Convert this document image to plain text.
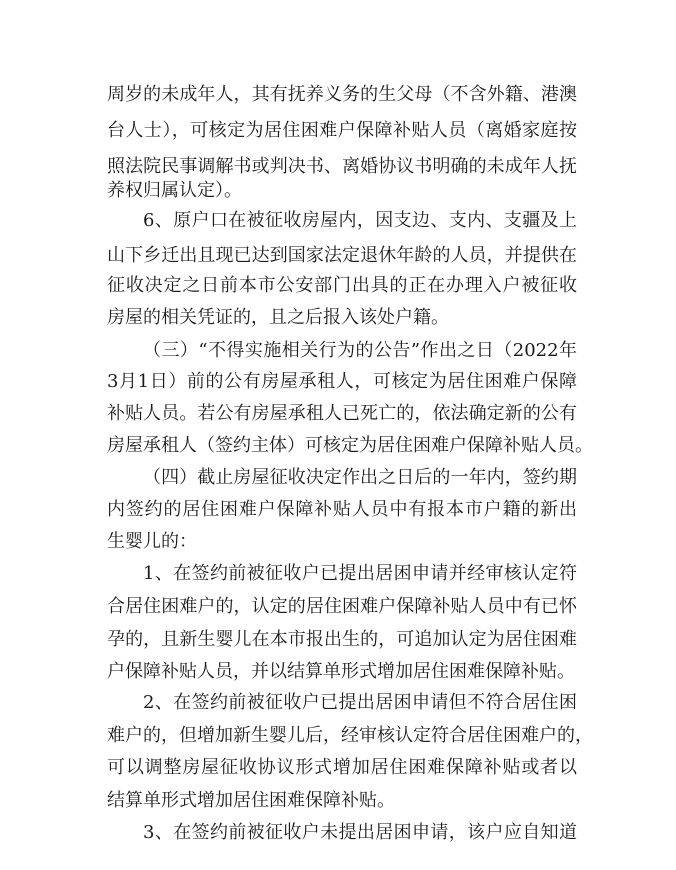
周岁的未成年人，其有抚养义务的生父母（不含外籍、港澳
台人士），可核定为居住困难户保障补贴人员（离婚家庭按
照法院民事调解书或判决书、离婚协议书明确的未成年人抚
养权归属认定）。
6、原户口在被征收房屋内，因支边、支内、支疆及上
山下乡迁出且现已达到国家法定退休年龄的人员，并提供在
征收决定之日前本市公安部门出具的正在办理入户被征收
房屋的相关凭证的，且之后报入该处户籍。
（三）“不得实施相关行为的公告”作出之日（2022年
3月1日）前的公有房屋承租人，可核定为居住困难户保障
补贴人员。若公有房屋承租人已死亡的，依法确定新的公有
房屋承租人（签约主体）可核定为居住困难户保障补贴人员。
（四）截止房屋征收决定作出之日后的一年内，签约期
内签约的居住困难户保障补贴人员中有报本市户籍的新出
生婴儿的：
1、在签约前被征收户已提出居困申请并经审核认定符
合居住困难户的，认定的居住困难户保障补贴人员中有已怀
孕的，且新生婴儿在本市报出生的，可追加认定为居住困难
户保障补贴人员，并以结算单形式增加居住困难保障补贴。
2、在签约前被征收户已提出居困申请但不符合居住困
难户的，但增加新生婴儿后，经审核认定符合居住困难户的，
可以调整房屋征收协议形式增加居住困难保障补贴或者以
结算单形式增加居住困难保障补贴。
3、在签约前被征收户未提出居困申请，该户应自知道
